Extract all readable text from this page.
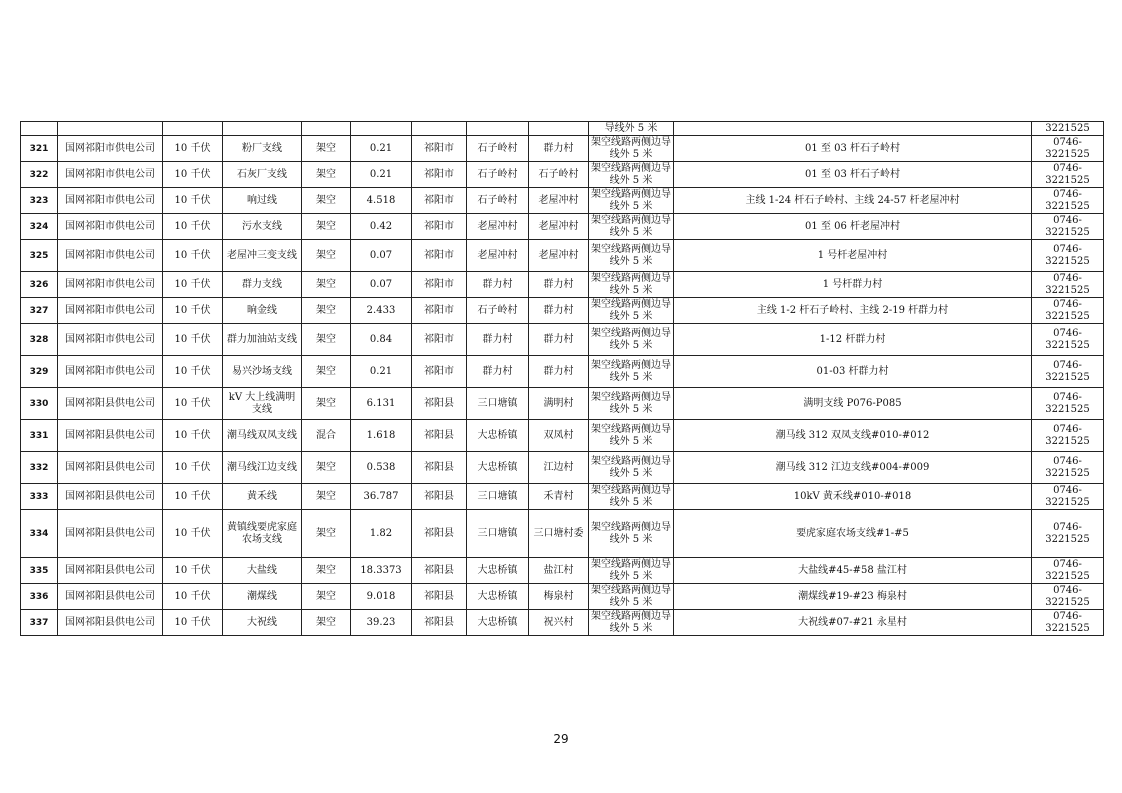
									导线外 5 米		3221525
321	国网祁阳市供电公司	10 千伏	粉厂支线	架空	0.21	祁阳市	石子岭村	群力村	架空线路两侧边导线外 5 米	01 至 03 杆石子岭村	0746-3221525
322	国网祁阳市供电公司	10 千伏	石灰厂支线	架空	0.21	祁阳市	石子岭村	石子岭村	架空线路两侧边导线外 5 米	01 至 03 杆石子岭村	0746-3221525
323	国网祁阳市供电公司	10 千伏	响过线	架空	4.518	祁阳市	石子岭村	老屋冲村	架空线路两侧边导线外 5 米	主线 1-24 杆石子岭村、主线 24-57 杆老屋冲村	0746-3221525
324	国网祁阳市供电公司	10 千伏	污水支线	架空	0.42	祁阳市	老屋冲村	老屋冲村	架空线路两侧边导线外 5 米	01 至 06 杆老屋冲村	0746-3221525
325	国网祁阳市供电公司	10 千伏	老屋冲三变支线	架空	0.07	祁阳市	老屋冲村	老屋冲村	架空线路两侧边导线外 5 米	1 号杆老屋冲村	0746-3221525
326	国网祁阳市供电公司	10 千伏	群力支线	架空	0.07	祁阳市	群力村	群力村	架空线路两侧边导线外 5 米	1 号杆群力村	0746-3221525
327	国网祁阳市供电公司	10 千伏	晌金线	架空	2.433	祁阳市	石子岭村	群力村	架空线路两侧边导线外 5 米	主线 1-2 杆石子岭村、主线 2-19 杆群力村	0746-3221525
328	国网祁阳市供电公司	10 千伏	群力加油站支线	架空	0.84	祁阳市	群力村	群力村	架空线路两侧边导线外 5 米	1-12 杆群力村	0746-3221525
329	国网祁阳市供电公司	10 千伏	易兴沙场支线	架空	0.21	祁阳市	群力村	群力村	架空线路两侧边导线外 5 米	01-03 杆群力村	0746-3221525
330	国网祁阳县供电公司	10 千伏	kV 大上线满明支线	架空	6.131	祁阳县	三口塘镇	满明村	架空线路两侧边导线外 5 米	满明支线 P076-P085	0746-3221525
331	国网祁阳县供电公司	10 千伏	潮马线双凤支线	混合	1.618	祁阳县	大忠桥镇	双凤村	架空线路两侧边导线外 5 米	潮马线 312 双凤支线#010-#012	0746-3221525
332	国网祁阳县供电公司	10 千伏	潮马线江边支线	架空	0.538	祁阳县	大忠桥镇	江边村	架空线路两侧边导线外 5 米	潮马线 312 江边支线#004-#009	0746-3221525
333	国网祁阳县供电公司	10 千伏	黄禾线	架空	36.787	祁阳县	三口塘镇	禾青村	架空线路两侧边导线外 5 米	10kV 黄禾线#010-#018	0746-3221525
334	国网祁阳县供电公司	10 千伏	黄镇线要虎家庭农场支线	架空	1.82	祁阳县	三口塘镇	三口塘村委	架空线路两侧边导线外 5 米	要虎家庭农场支线#1-#5	0746-3221525
335	国网祁阳县供电公司	10 千伏	大盐线	架空	18.3373	祁阳县	大忠桥镇	盐江村	架空线路两侧边导线外 5 米	大盐线#45-#58 盐江村	0746-3221525
336	国网祁阳县供电公司	10 千伏	潮煤线	架空	9.018	祁阳县	大忠桥镇	梅泉村	架空线路两侧边导线外 5 米	潮煤线#19-#23 梅泉村	0746-3221525
337	国网祁阳县供电公司	10 千伏	大祝线	架空	39.23	祁阳县	大忠桥镇	祝兴村	架空线路两侧边导线外 5 米	大祝线#07-#21 永星村	0746-3221525
29
